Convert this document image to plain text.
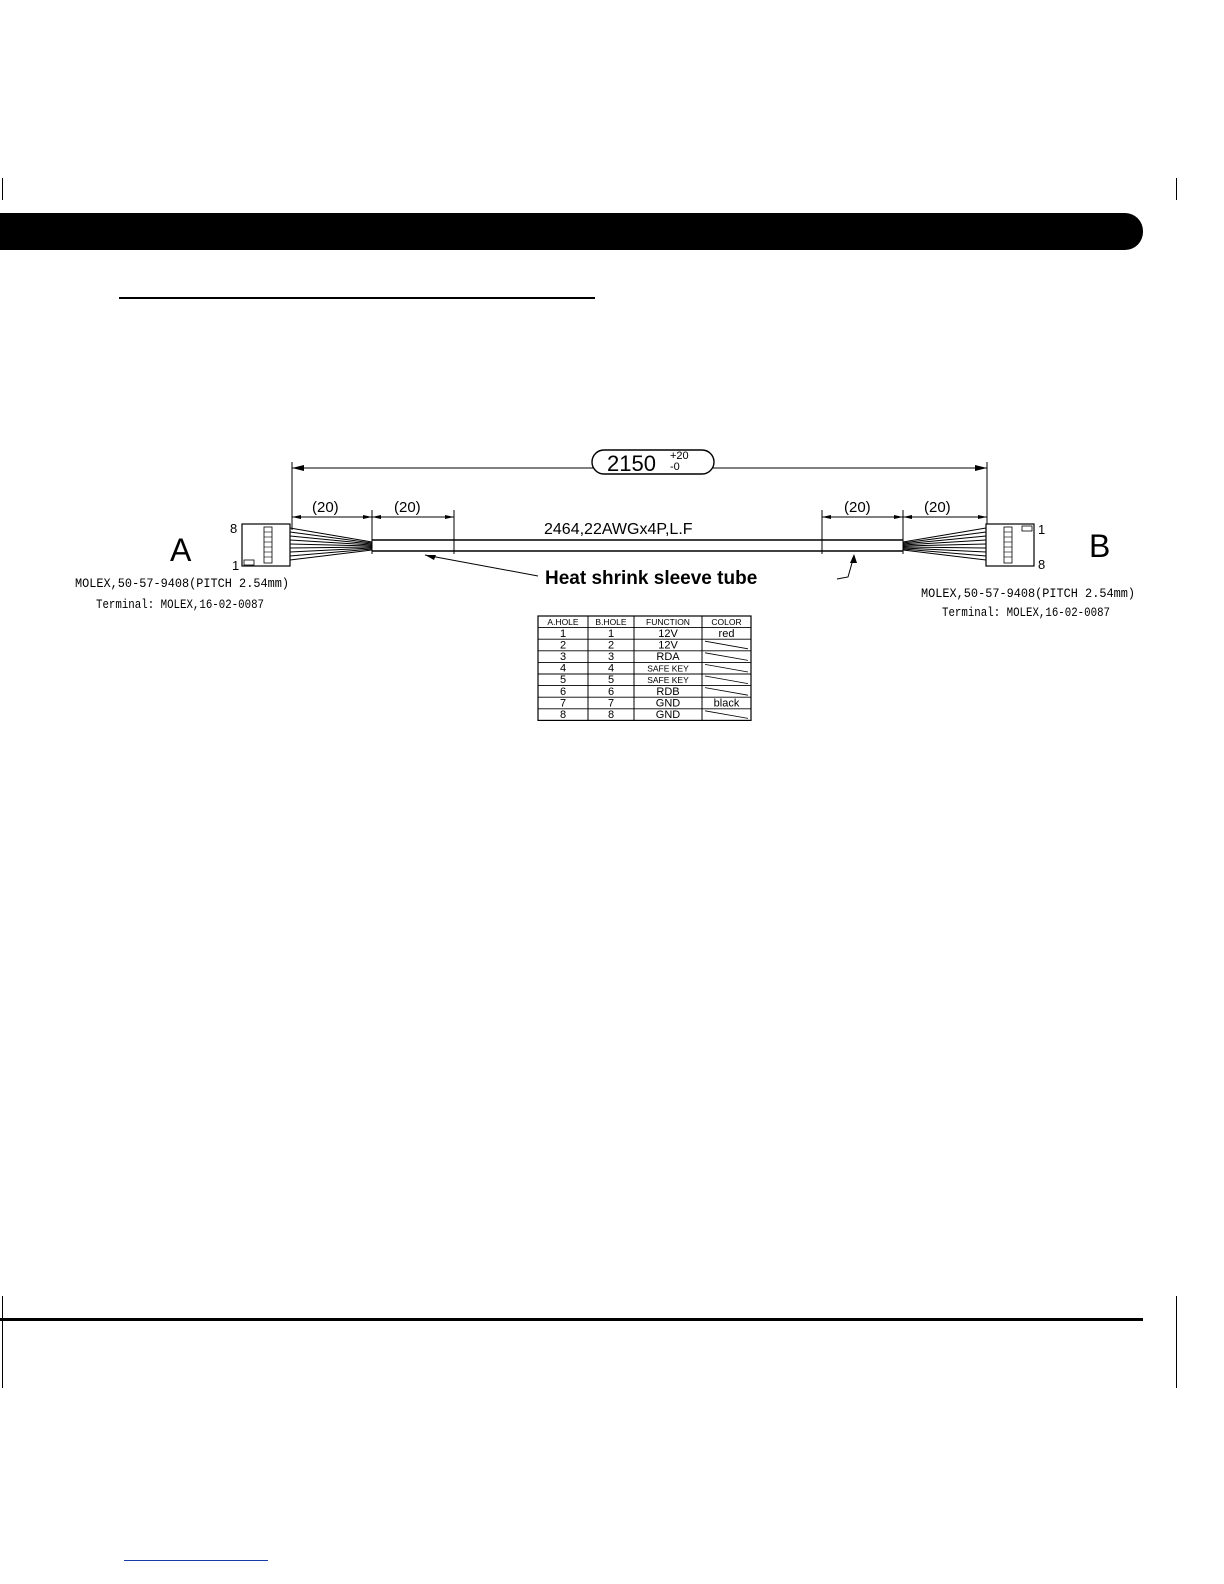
2150 +20
-0
(20)	(20)	(20)	(20)
2464,22AWGx4P,L.F
8
1
A
1
8
B
Heat shrink sleeve tube
MOLEX,50-57-9408(PITCH 2.54mm)
Terminal: MOLEX,16-02-0087
MOLEX,50-57-9408(PITCH 2.54mm)
Terminal: MOLEX,16-02-0087
A.HOLE B.HOLE FUNCTION	COLOR
1	1	12V	red
2	2	12V
3	3	RDA
4	4	SAFE KEY
5	5	SAFE KEY
6	6	RDB
7	7	GND	black
8	8	GND
